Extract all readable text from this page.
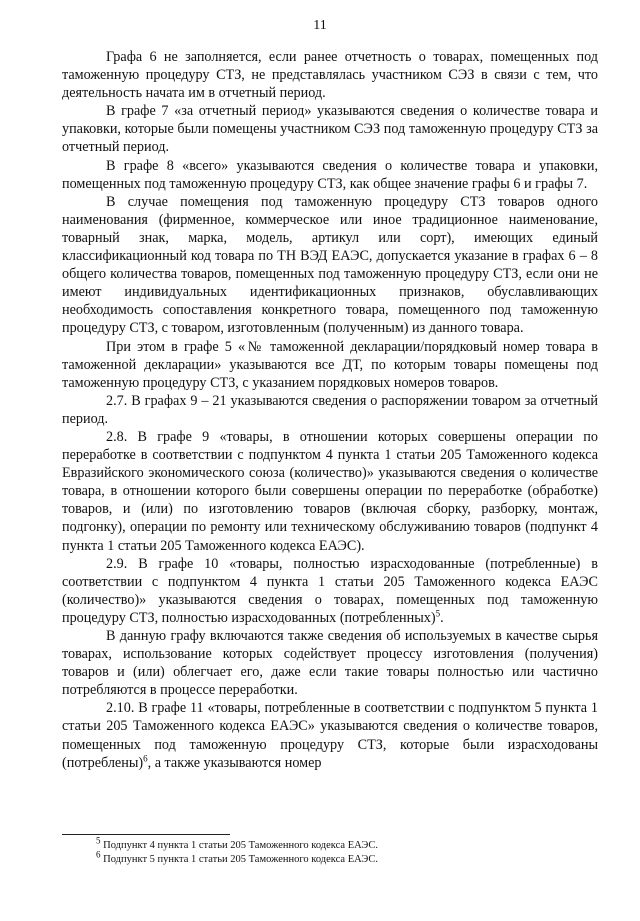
11

Графа 6 не заполняется, если ранее отчетность о товарах, помещенных под таможенную процедуру СТЗ, не представлялась участником СЭЗ в связи с тем, что деятельность начата им в отчетный период.

В графе 7 «за отчетный период» указываются сведения о количестве товара и упаковки, которые были помещены участником СЭЗ под таможенную процедуру СТЗ за отчетный период.

В графе 8 «всего» указываются сведения о количестве товара и упаковки, помещенных под таможенную процедуру СТЗ, как общее значение графы 6 и графы 7.

В случае помещения под таможенную процедуру СТЗ товаров одного наименования (фирменное, коммерческое или иное традиционное наименование, товарный знак, марка, модель, артикул или сорт), имеющих единый классификационный код товара по ТН ВЭД ЕАЭС, допускается указание в графах 6 – 8 общего количества товаров, помещенных под таможенную процедуру СТЗ, если они не имеют индивидуальных идентификационных признаков, обуславливающих необходимость сопоставления конкретного товара, помещенного под таможенную процедуру СТЗ, с товаром, изготовленным (полученным) из данного товара.

При этом в графе 5 «№ таможенной декларации/порядковый номер товара в таможенной декларации» указываются все ДТ, по которым товары помещены под таможенную процедуру СТЗ, с указанием порядковых номеров товаров.

2.7. В графах 9 – 21 указываются сведения о распоряжении товаром за отчетный период.

2.8. В графе 9 «товары, в отношении которых совершены операции по переработке в соответствии с подпунктом 4 пункта 1 статьи 205 Таможенного кодекса Евразийского экономического союза (количество)» указываются сведения о количестве товара, в отношении которого были совершены операции по переработке (обработке) товаров, и (или) по изготовлению товаров (включая сборку, разборку, монтаж, подгонку), операции по ремонту или техническому обслуживанию товаров (подпункт 4 пункта 1 статьи 205 Таможенного кодекса ЕАЭС).

2.9. В графе 10 «товары, полностью израсходованные (потребленные) в соответствии с подпунктом 4 пункта 1 статьи 205 Таможенного кодекса ЕАЭС (количество)» указываются сведения о товарах, помещенных под таможенную процедуру СТЗ, полностью израсходованных (потребленных)$^5$.

В данную графу включаются также сведения об используемых в качестве сырья товарах, использование которых содействует процессу изготовления (получения) товаров и (или) облегчает его, даже если такие товары полностью или частично потребляются в процессе переработки.

2.10. В графе 11 «товары, потребленные в соответствии с подпунктом 5 пункта 1 статьи 205 Таможенного кодекса ЕАЭС» указываются сведения о количестве товаров, помещенных под таможенную процедуру СТЗ, которые были израсходованы (потреблены)$^6$, а также указываются номер

$^5$ Подпункт 4 пункта 1 статьи 205 Таможенного кодекса ЕАЭС.

$^6$ Подпункт 5 пункта 1 статьи 205 Таможенного кодекса ЕАЭС.
